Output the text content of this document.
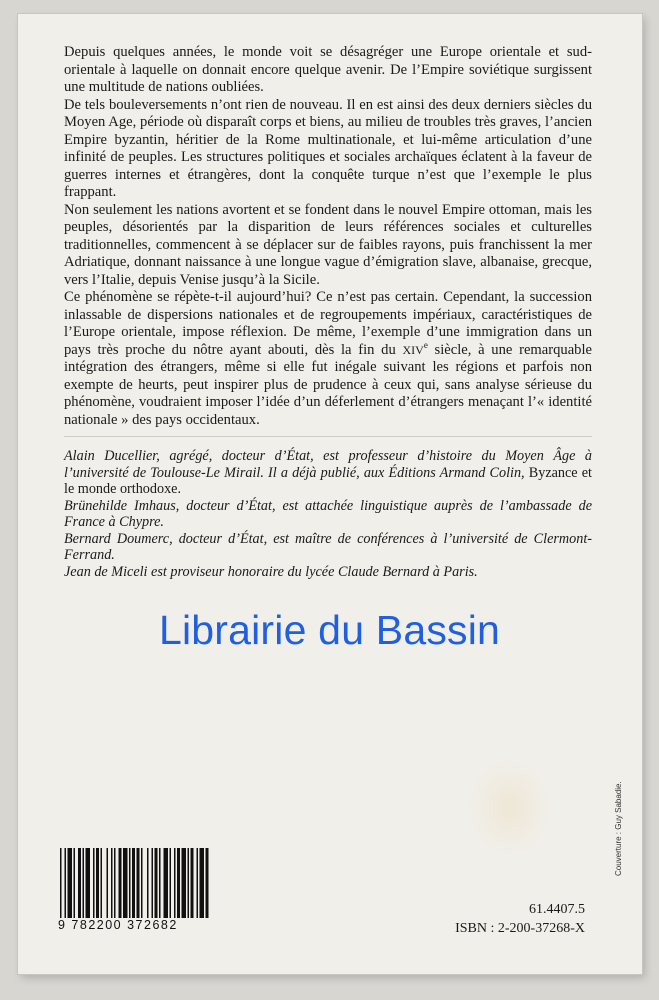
Depuis quelques années, le monde voit se désagréger une Europe orientale et sud-orientale à laquelle on donnait encore quelque avenir. De l’Empire soviétique surgissent une multitude de nations oubliées.

De tels bouleversements n’ont rien de nouveau. Il en est ainsi des deux derniers siècles du Moyen Age, période où disparaît corps et biens, au milieu de troubles très graves, l’ancien Empire byzantin, héritier de la Rome multinationale, et lui-même articulation d’une infinité de peuples. Les structures politiques et sociales archaïques éclatent à la faveur de guerres internes et étrangères, dont la conquête turque n’est que l’exemple le plus frappant.

Non seulement les nations avortent et se fondent dans le nouvel Empire ottoman, mais les peuples, désorientés par la disparition de leurs références sociales et culturelles traditionnelles, commencent à se déplacer sur de faibles rayons, puis franchissent la mer Adriatique, donnant naissance à une longue vague d’émigration slave, albanaise, grecque, vers l’Italie, depuis Venise jusqu’à la Sicile.

Ce phénomène se répète-t-il aujourd’hui? Ce n’est pas certain. Cependant, la succession inlassable de dispersions nationales et de regroupements impériaux, caractéristiques de l’Europe orientale, impose réflexion. De même, l’exemple d’une immigration dans un pays très proche du nôtre ayant abouti, dès la fin du XIVe siècle, à une remarquable intégration des étrangers, même si elle fut inégale suivant les régions et parfois non exempte de heurts, peut inspirer plus de prudence à ceux qui, sans analyse sérieuse du phénomène, voudraient imposer l’idée d’un déferlement d’étrangers menaçant l’« identité nationale » des pays occidentaux.

Alain Ducellier, agrégé, docteur d’État, est professeur d’histoire du Moyen Âge à l’université de Toulouse-Le Mirail. Il a déjà publié, aux Éditions Armand Colin, Byzance et le monde orthodoxe.

Brünehilde Imhaus, docteur d’État, est attachée linguistique auprès de l’ambassade de France à Chypre.

Bernard Doumerc, docteur d’État, est maître de conférences à l’université de Clermont-Ferrand.

Jean de Miceli est proviseur honoraire du lycée Claude Bernard à Paris.

Librairie du Bassin
9 782200 372682
61.4407.5
ISBN : 2-200-37268-X
Couverture : Guy Sabadie.
